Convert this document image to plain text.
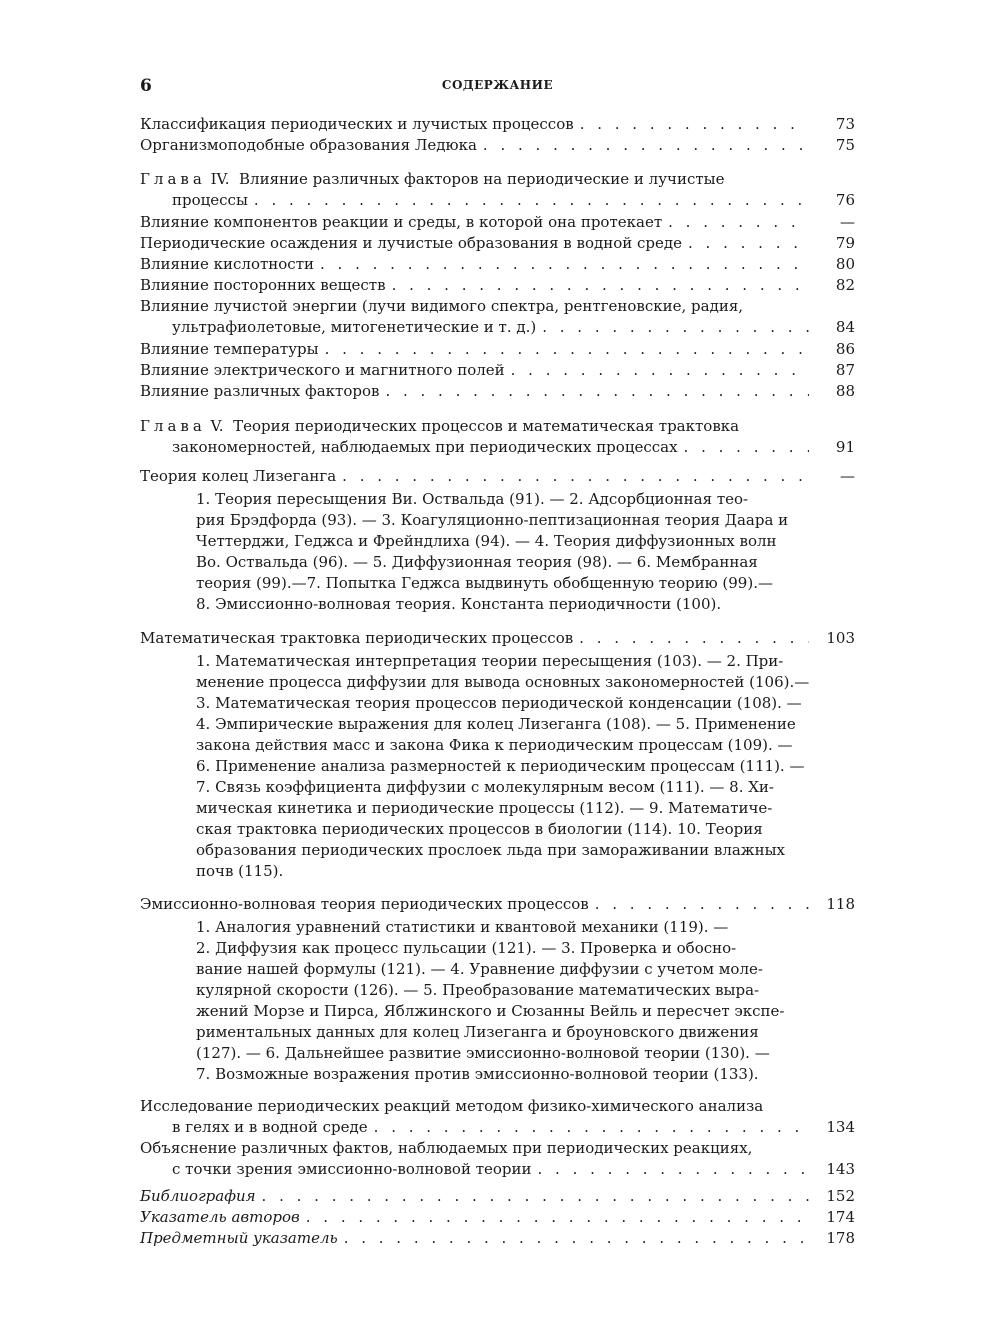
6	СОДЕРЖАНИЕ
Классификация периодических и лучистых процессов . . .	73
Организмоподобные образования Ледюка . . .	75
Глава IV. Влияние различных факторов на периодические и лучистые
процессы . . .	76
Влияние компонентов реакции и среды, в которой она протекает . . .	—
Периодические осаждения и лучистые образования в водной среде . . .	79
Влияние кислотности . . .	80
Влияние посторонних веществ . . .	82
Влияние лучистой энергии (лучи видимого спектра, рентгеновские, радия,
ультрафиолетовые, митогенетические и т. д.) . . .	84
Влияние температуры . . .	86
Влияние электрического и магнитного полей . . .	87
Влияние различных факторов . . .	88
Глава V. Теория периодических процессов и математическая трактовка
закономерностей, наблюдаемых при периодических процессах . . .	91
Теория колец Лизеганга . . .	—
1. Теория пересыщения Ви. Оствальда (91). — 2. Адсорбционная тео-
рия Брэдфорда (93). — 3. Коагуляционно-пептизационная теория Даара и
Четтерджи, Геджса и Фрейндлиха (94). — 4. Теория диффузионных волн
Во. Оствальда (96). — 5. Диффузионная теория (98). — 6. Мембранная
теория (99).—7. Попытка Геджса выдвинуть обобщенную теорию (99).—
8. Эмиссионно-волновая теория. Константа периодичности (100).
Математическая трактовка периодических процессов . . .	103
1. Математическая интерпретация теории пересыщения (103). — 2. При-
менение процесса диффузии для вывода основных закономерностей (106).—
3. Математическая теория процессов периодической конденсации (108). —
4. Эмпирические выражения для колец Лизеганга (108). — 5. Применение
закона действия масс и закона Фика к периодическим процессам (109). —
6. Применение анализа размерностей к периодическим процессам (111). —
7. Связь коэффициента диффузии с молекулярным весом (111). — 8. Хи-
мическая кинетика и периодические процессы (112). — 9. Математиче-
ская трактовка периодических процессов в биологии (114). 10. Теория
образования периодических прослоек льда при замораживании влажных
почв (115).
Эмиссионно-волновая теория периодических процессов . . .	118
1. Аналогия уравнений статистики и квантовой механики (119). —
2. Диффузия как процесс пульсации (121). — 3. Проверка и обосно-
вание нашей формулы (121). — 4. Уравнение диффузии с учетом моле-
кулярной скорости (126). — 5. Преобразование математических выра-
жений Морзе и Пирса, Яблжинского и Сюзанны Вейль и пересчет экспе-
риментальных данных для колец Лизеганга и броуновского движения
(127). — 6. Дальнейшее развитие эмиссионно-волновой теории (130). —
7. Возможные возражения против эмиссионно-волновой теории (133).
Исследование периодических реакций методом физико-химического анализа
в гелях и в водной среде . . .	134
Объяснение различных фактов, наблюдаемых при периодических реакциях,
с точки зрения эмиссионно-волновой теории . . .	143
Библиография . . .	152
Указатель авторов . . .	174
Предметный указатель . . .	178
